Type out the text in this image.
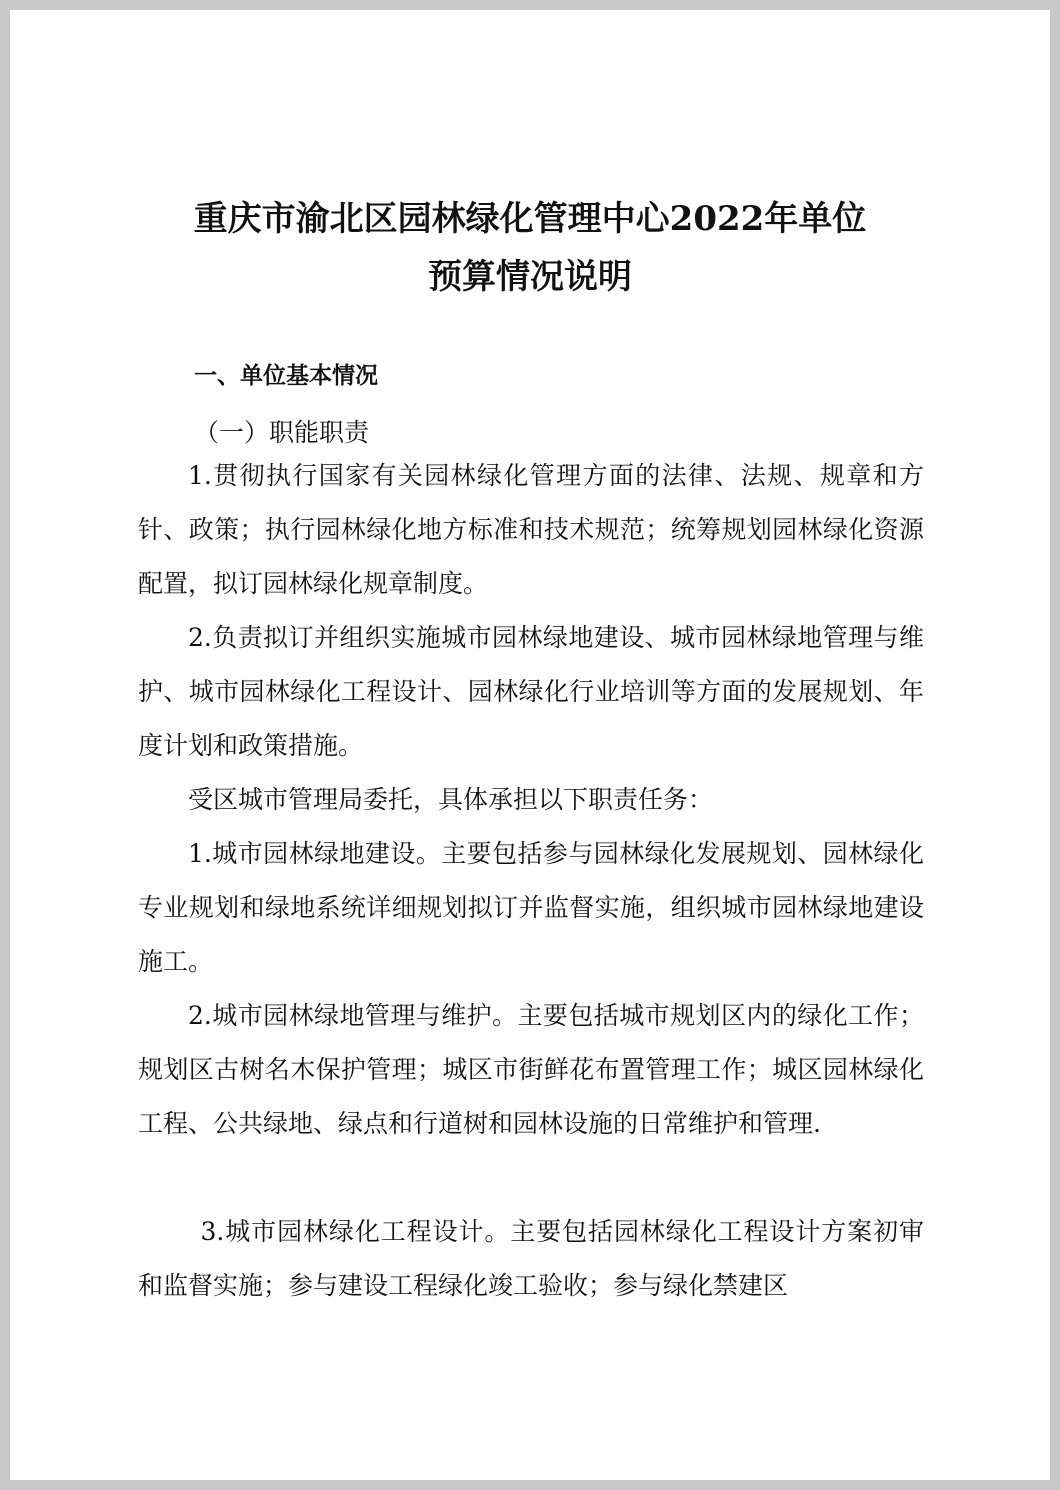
重庆市渝北区园林绿化管理中心2022年单位
预算情况说明
一、单位基本情况
（一）职能职责

1.贯彻执行国家有关园林绿化管理方面的法律、法规、规章和方针、政策；执行园林绿化地方标准和技术规范；统筹规划园林绿化资源配置，拟订园林绿化规章制度。

2.负责拟订并组织实施城市园林绿地建设、城市园林绿地管理与维护、城市园林绿化工程设计、园林绿化行业培训等方面的发展规划、年度计划和政策措施。

受区城市管理局委托，具体承担以下职责任务：

1.城市园林绿地建设。主要包括参与园林绿化发展规划、园林绿化专业规划和绿地系统详细规划拟订并监督实施，组织城市园林绿地建设施工。

2.城市园林绿地管理与维护。主要包括城市规划区内的绿化工作；规划区古树名木保护管理；城区市街鲜花布置管理工作；城区园林绿化工程、公共绿地、绿点和行道树和园林设施的日常维护和管理.

3.城市园林绿化工程设计。主要包括园林绿化工程设计方案初审和监督实施；参与建设工程绿化竣工验收；参与绿化禁建区
